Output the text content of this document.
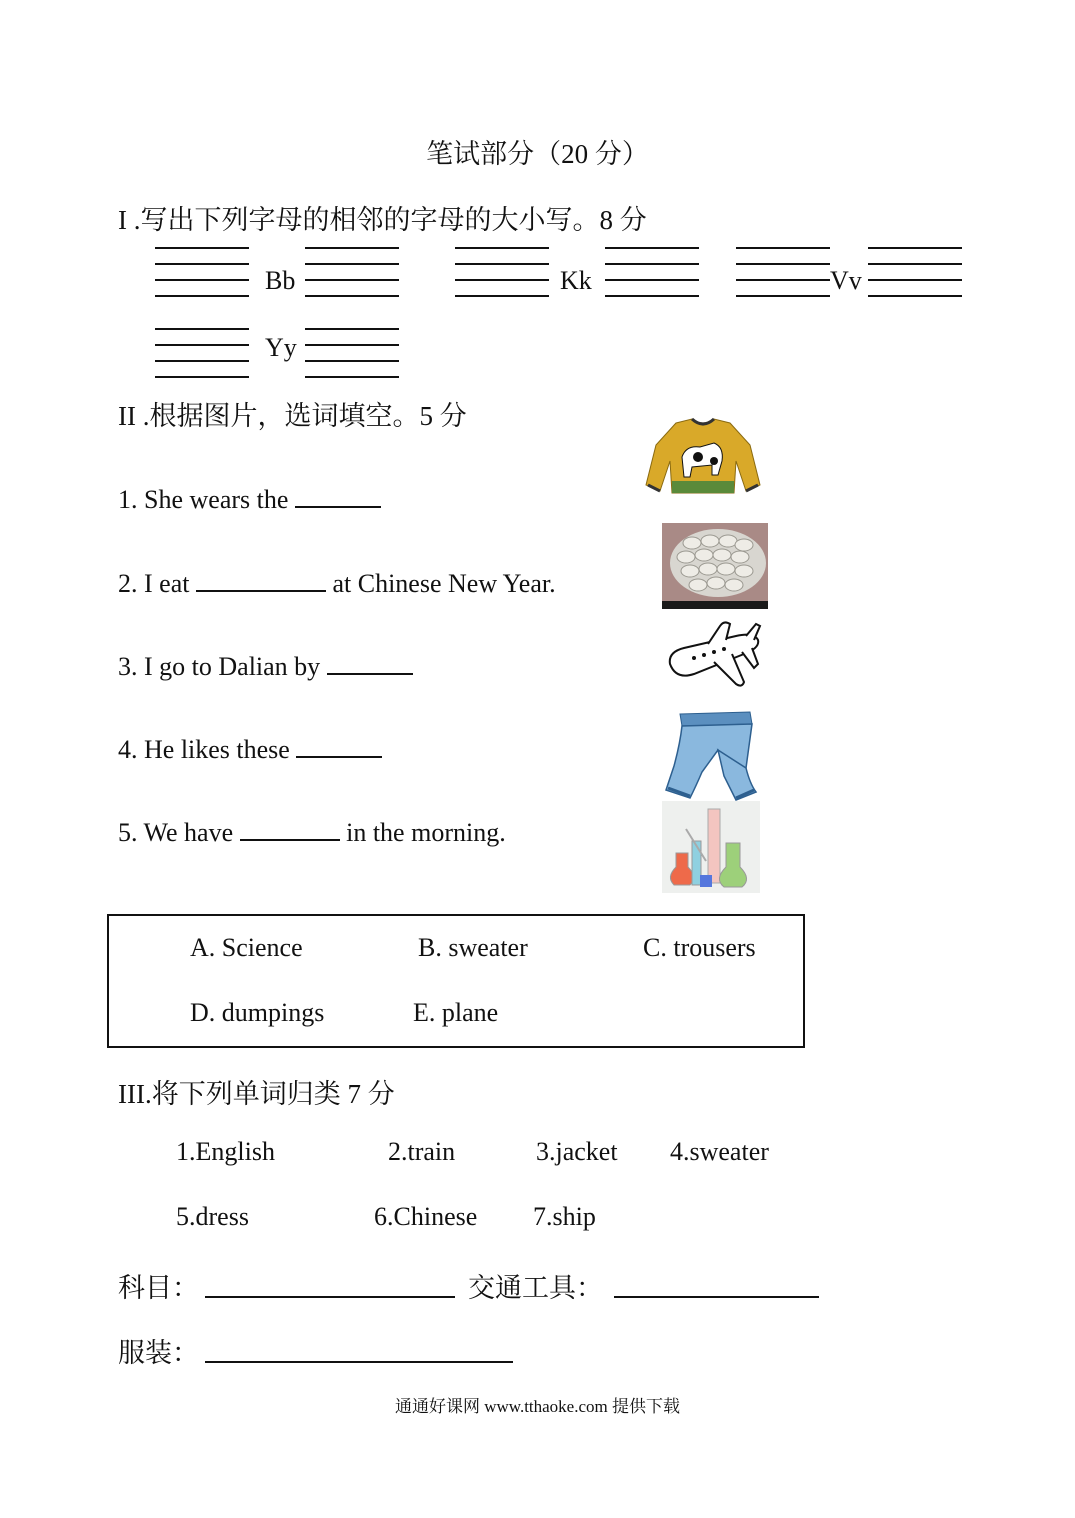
笔试部分（20 分）
I .写出下列字母的相邻的字母的大小写。8 分
Bb	Kk	Vv
Yy
II .根据图片，选词填空。5 分
1. She wears the
2. I eat	at Chinese New Year.
3. I go to Dalian by
4. He likes these
5. We have	in the morning.
A. Science	B. sweater	C. trousers
D. dumpings	E. plane
III.将下列单词归类 7 分
1.English	2.train	3.jacket 4.sweater
5.dress	6.Chinese 7.ship
科目：	交通工具：
服装：
通通好课网 www.tthaoke.com 提供下载
